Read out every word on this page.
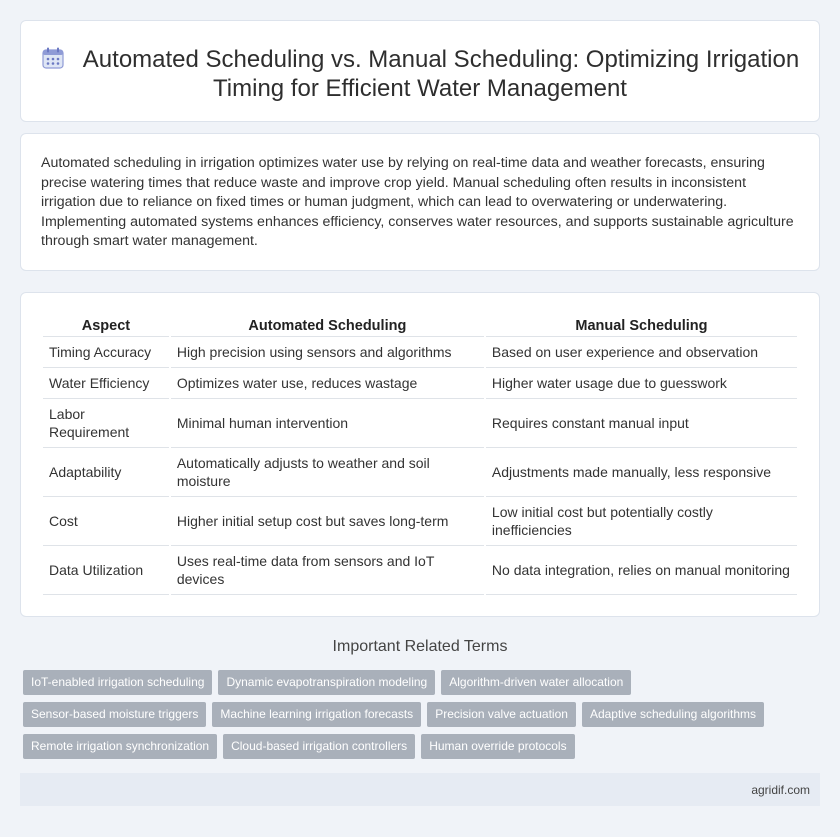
Automated Scheduling vs. Manual Scheduling: Optimizing Irrigation Timing for Efficient Water Management

Automated scheduling in irrigation optimizes water use by relying on real-time data and weather forecasts, ensuring precise watering times that reduce waste and improve crop yield. Manual scheduling often results in inconsistent irrigation due to reliance on fixed times or human judgment, which can lead to overwatering or underwatering. Implementing automated systems enhances efficiency, conserves water resources, and supports sustainable agriculture through smart water management.

Aspect	Automated Scheduling	Manual Scheduling
Timing Accuracy	High precision using sensors and algorithms	Based on user experience and observation
Water Efficiency	Optimizes water use, reduces wastage	Higher water usage due to guesswork
Labor Requirement	Minimal human intervention	Requires constant manual input
Adaptability	Automatically adjusts to weather and soil moisture	Adjustments made manually, less responsive
Cost	Higher initial setup cost but saves long-term	Low initial cost but potentially costly inefficiencies
Data Utilization	Uses real-time data from sensors and IoT devices	No data integration, relies on manual monitoring
Important Related Terms
IoT-enabled irrigation scheduling	Dynamic evapotranspiration modeling	Algorithm-driven water allocation
Sensor-based moisture triggers	Machine learning irrigation forecasts	Precision valve actuation	Adaptive scheduling algorithms
Remote irrigation synchronization	Cloud-based irrigation controllers	Human override protocols
agridif.com
